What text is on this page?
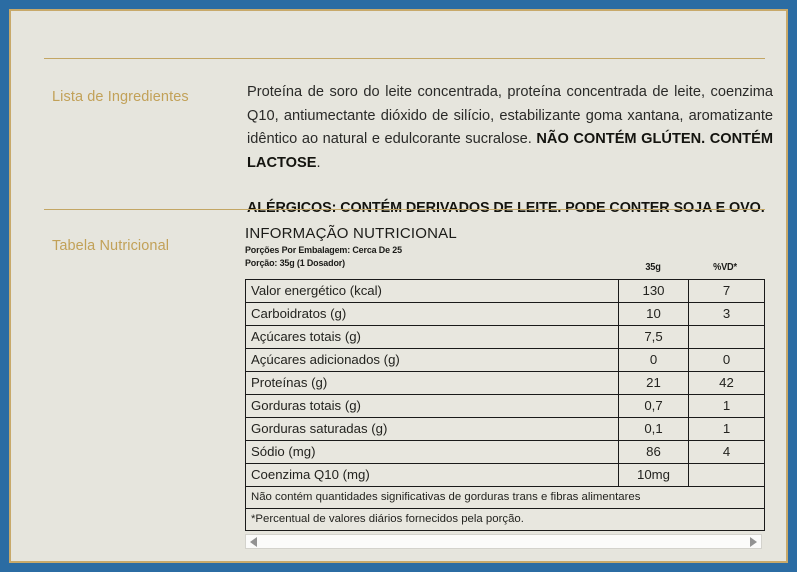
Lista de Ingredientes	Proteína de soro do leite concentrada, proteína concentrada de leite, coenzima Q10, antiumectante dióxido de silício, estabilizante goma xantana, aromatizante idêntico ao natural e edulcorante sucralose. NÃO CONTÉM GLÚTEN. CONTÉM LACTOSE.

ALÉRGICOS: CONTÉM DERIVADOS DE LEITE. PODE CONTER SOJA E OVO.

Tabela Nutricional
INFORMAÇÃO NUTRICIONAL
Porções Por Embalagem: Cerca De 25
Porção: 35g (1 Dosador)	35g	%VD*
Valor energético (kcal)	130	7
Carboidratos (g)	10	3
Açúcares totais (g)	7,5	
Açúcares adicionados (g)	0	0
Proteínas (g)	21	42
Gorduras totais (g)	0,7	1
Gorduras saturadas (g)	0,1	1
Sódio (mg)	86	4
Coenzima Q10 (mg)	10mg	
Não contém quantidades significativas de gorduras trans e fibras alimentares		
*Percentual de valores diários fornecidos pela porção.		
